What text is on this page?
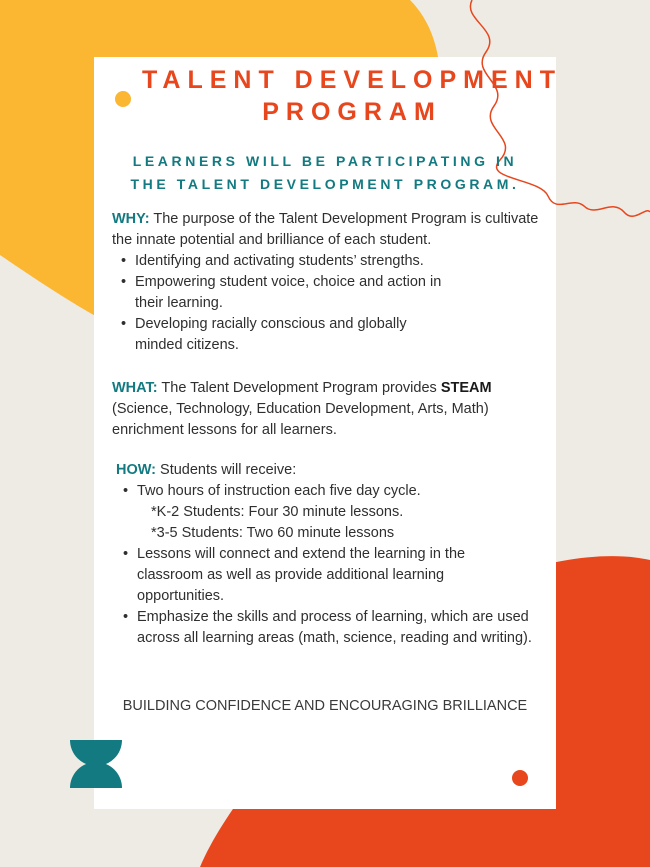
TALENT DEVELOPMENT
PROGRAM
LEARNERS WILL BE PARTICIPATING IN
THE TALENT DEVELOPMENT PROGRAM.

WHY: The purpose of the Talent Development Program is cultivate the innate potential and brilliance of each student.

• Identifying and activating students’ strengths.
• Empowering student voice, choice and action in their learning.
• Developing racially conscious and globally minded citizens.

WHAT: The Talent Development Program provides STEAM (Science, Technology, Education Development, Arts, Math) enrichment lessons for all learners.

HOW: Students will receive:

• Two hours of instruction each five day cycle.
*K-2 Students: Four 30 minute lessons.
*3-5 Students: Two 60 minute lessons
• Lessons will connect and extend the learning in the classroom as well as provide additional learning opportunities.
• Emphasize the skills and process of learning, which are used across all learning areas (math, science, reading and writing).
BUILDING CONFIDENCE AND ENCOURAGING BRILLIANCE
